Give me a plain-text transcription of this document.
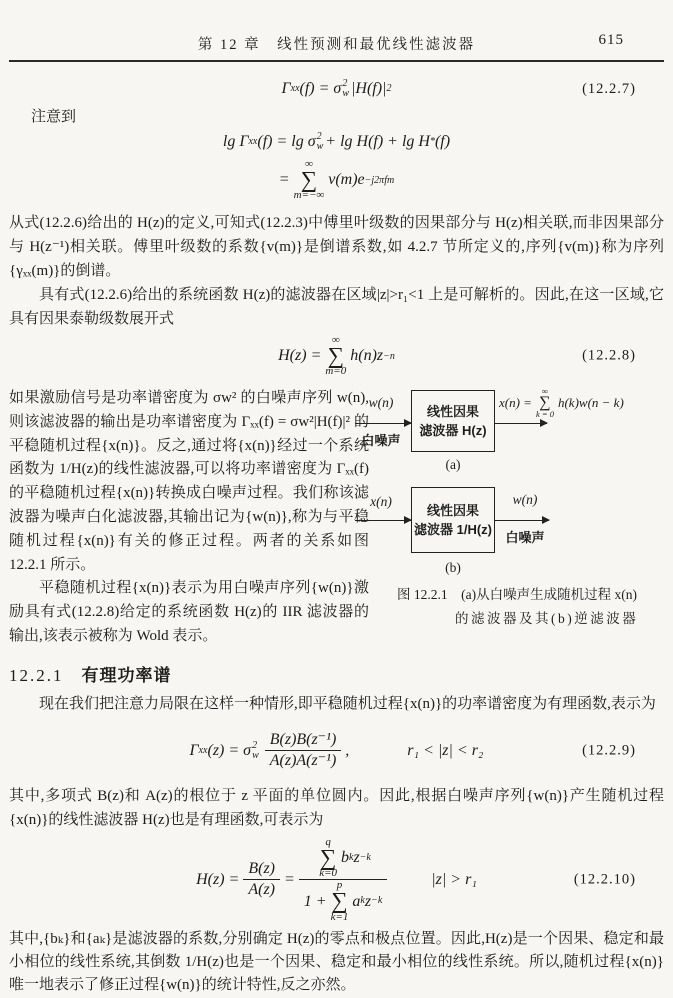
第 12 章　线性预测和最优线性滤波器	615
Γ xx (f) = σ 2
w |H(f)| 2	(12.2.7)
注意到
lg Γ xx (f) = lg σ 2
w + lg H(f) + lg H * (f)
=
∞
∑
m=−∞
v(m)e −j2πfm
从式(12.2.6)给出的 H(z)的定义,可知式(12.2.3)中傅里叶级数的因果部分与 H(z)相关联,而非因果部分与 H(z⁻¹)相关联。傅里叶级数的系数{v(m)}是倒谱系数,如 4.2.7 节所定义的,序列{v(m)}称为序列{γₓₓ(m)}的倒谱。
具有式(12.2.6)给出的系统函数 H(z)的滤波器在区域|z|>r₁<1 上是可解析的。因此,在这一区域,它具有因果泰勒级数展开式
H(z) =
∞
∑
m=0
h(n)z −n	(12.2.8)
如果激励信号是功率谱密度为 σw² 的白噪声序列 w(n),则该滤波器的输出是功率谱密度为 Γₓₓ(f) = σw²|H(f)|² 的平稳随机过程{x(n)}。反之,通过将{x(n)}经过一个系统函数为 1/H(z)的线性滤波器,可以将功率谱密度为 Γₓₓ(f)的平稳随机过程{x(n)}转换成白噪声过程。我们称该滤波器为噪声白化滤波器,其输出记为{w(n)},称为与平稳随机过程{x(n)}有关的修正过程。两者的关系如图 12.2.1 所示。
平稳随机过程{x(n)}表示为用白噪声序列{w(n)}激励具有式(12.2.8)给定的系统函数 H(z)的 IIR 滤波器的输出,该表示被称为 Wold 表示。
w(n)
白噪声
线性因果
滤波器 H(z)
x(n) =
∞
∑
k = 0
h(k)w(n − k)
(a)
x(n)
线性因果
滤波器 1/H(z)
w(n)
白噪声
(b)
图 12.2.1　(a)从白噪声生成随机过程 x(n)
的滤波器及其(b)逆滤波器
12.2.1 有理功率谱
现在我们把注意力局限在这样一种情形,即平稳随机过程{x(n)}的功率谱密度为有理函数,表示为
Γ xx (z) = σ 2
w $\frac{\text{B(z)B(z⁻¹)}}{\text{A(z)A(z⁻¹)}}$ ,	r₁ < |z| < r₂	(12.2.9)
其中,多项式 B(z)和 A(z)的根位于 z 平面的单位圆内。因此,根据白噪声序列{w(n)}产生随机过程{x(n)}的线性滤波器 H(z)也是有理函数,可表示为
$H(z) = \frac{B(z)}{A(z)} = q$
∑
k=0
b k z −k
1 +
p
∑
k=1
a k z −k	|z| > r₁	(12.2.10)
其中,{bₖ}和{aₖ}是滤波器的系数,分别确定 H(z)的零点和极点位置。因此,H(z)是一个因果、稳定和最小相位的线性系统,其倒数 1/H(z)也是一个因果、稳定和最小相位的线性系统。所以,随机过程{x(n)}唯一地表示了修正过程{w(n)}的统计特性,反之亦然。
